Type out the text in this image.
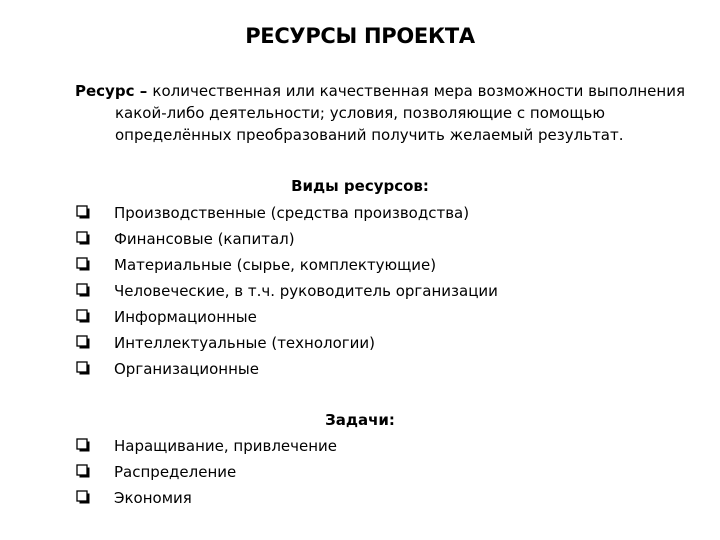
РЕСУРСЫ ПРОЕКТА
Ресурс – количественная или качественная мера возможности выполнения
какой-либо деятельности; условия, позволяющие с помощью
определённых преобразований получить желаемый результат.
Виды ресурсов:
Производственные (средства производства)
Финансовые (капитал)
Материальные (сырье, комплектующие)
Человеческие, в т.ч. руководитель организации
Информационные
Интеллектуальные (технологии)
Организационные
Задачи:
Наращивание, привлечение
Распределение
Экономия
